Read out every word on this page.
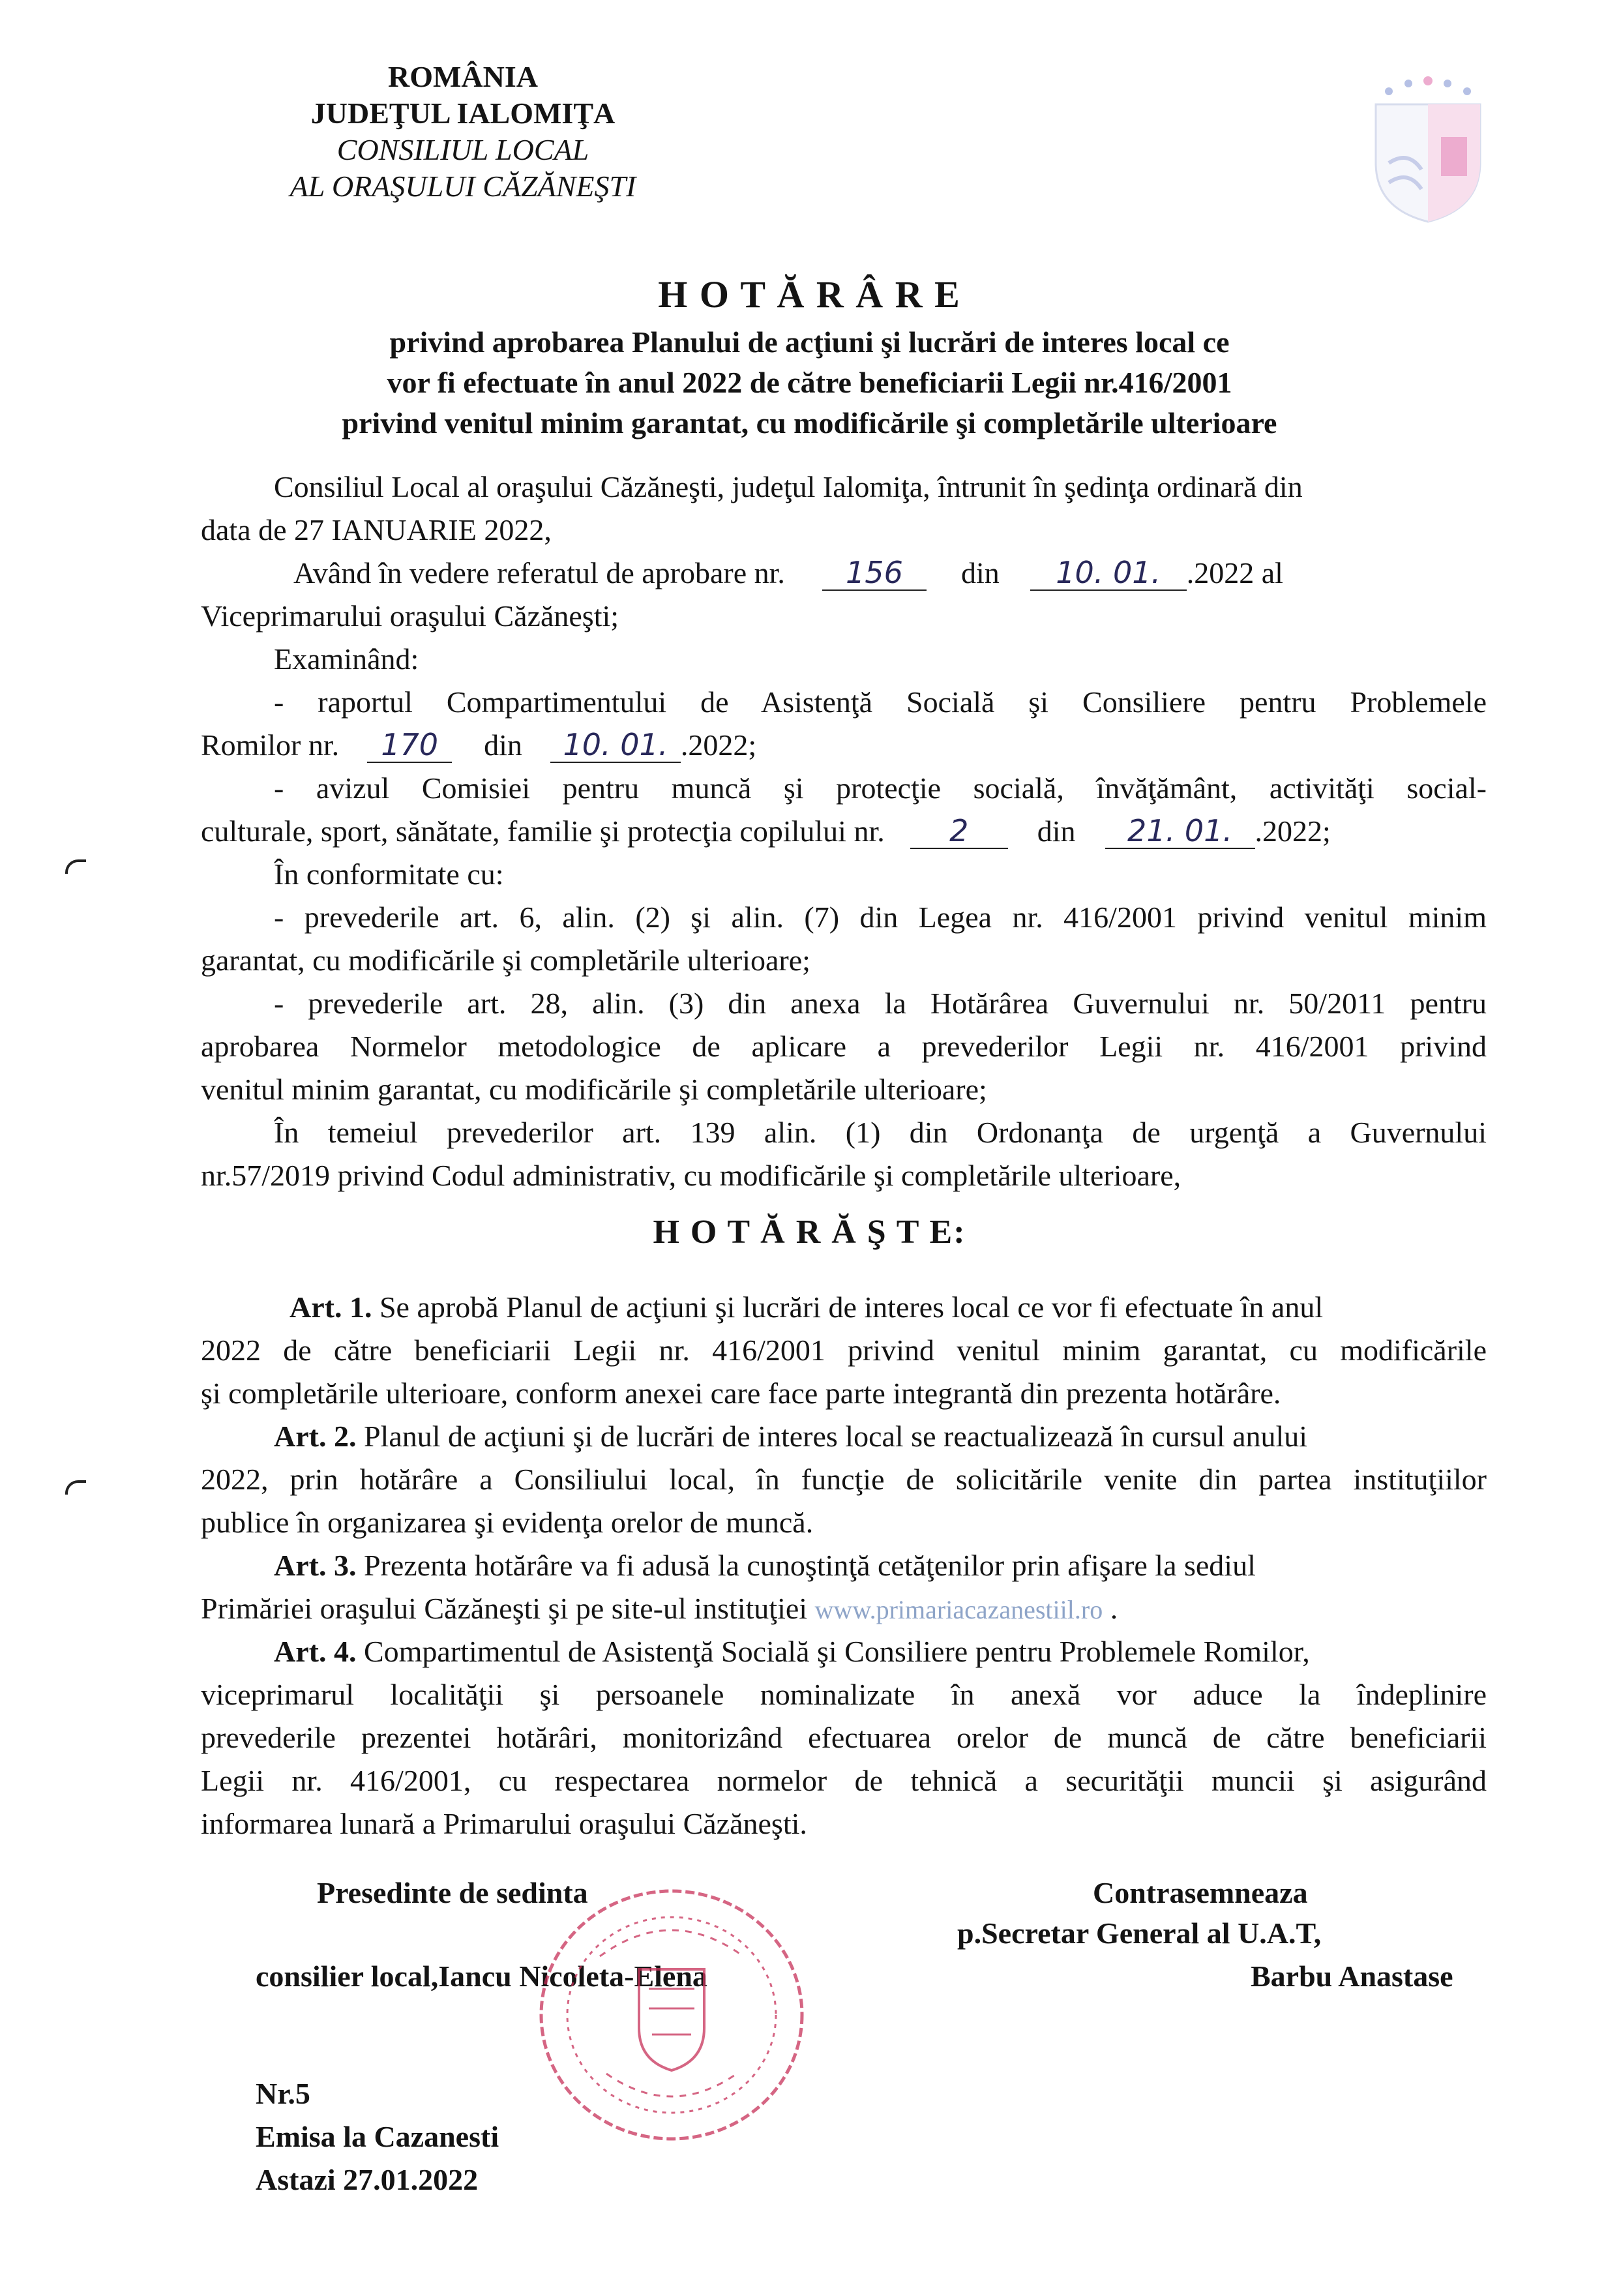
ROMÂNIA
JUDEŢUL IALOMIŢA
CONSILIUL LOCAL
AL ORAŞULUI CĂZĂNEŞTI
H O T Ă R Â R E
privind aprobarea Planului de acţiuni şi lucrări de interes local ce
vor fi efectuate în anul 2022 de către beneficiarii Legii nr.416/2001
privind venitul minim garantat, cu modificările şi completările ulterioare
Consiliul Local al oraşului Căzăneşti, judeţul Ialomiţa, întrunit în şedinţa ordinară din
data de 27 IANUARIE 2022,
Având în vedere referatul de aprobare nr. 156 din 10. 01. .2022 al
Viceprimarului oraşului Căzăneşti;
Examinând:
- raportul Compartimentului de Asistenţă Socială şi Consiliere pentru Problemele
Romilor nr. 170 din 10. 01. .2022;
- avizul Comisiei pentru muncă şi protecţie socială, învăţământ, activităţi social-
culturale, sport, sănătate, familie şi protecţia copilului nr. 2 din 21. 01. .2022;
În conformitate cu:
- prevederile art. 6, alin. (2) şi alin. (7) din Legea nr. 416/2001 privind venitul minim
garantat, cu modificările şi completările ulterioare;
- prevederile art. 28, alin. (3) din anexa la Hotărârea Guvernului nr. 50/2011 pentru
aprobarea Normelor metodologice de aplicare a prevederilor Legii nr. 416/2001 privind
venitul minim garantat, cu modificările şi completările ulterioare;
În temeiul prevederilor art. 139 alin. (1) din Ordonanţa de urgenţă a Guvernului
nr.57/2019 privind Codul administrativ, cu modificările şi completările ulterioare,
H O T Ă R Ă Ş T E:
Art. 1. Se aprobă Planul de acţiuni şi lucrări de interes local ce vor fi efectuate în anul
2022 de către beneficiarii Legii nr. 416/2001 privind venitul minim garantat, cu modificările
şi completările ulterioare, conform anexei care face parte integrantă din prezenta hotărâre.
Art. 2. Planul de acţiuni şi de lucrări de interes local se reactualizează în cursul anului
2022, prin hotărâre a Consiliului local, în funcţie de solicitările venite din partea instituţiilor
publice în organizarea şi evidenţa orelor de muncă.
Art. 3. Prezenta hotărâre va fi adusă la cunoştinţă cetăţenilor prin afişare la sediul
Primăriei oraşului Căzăneşti şi pe site-ul instituţiei www.primariacazanestiil.ro .
Art. 4. Compartimentul de Asistenţă Socială şi Consiliere pentru Problemele Romilor,
viceprimarul localităţii şi persoanele nominalizate în anexă vor aduce la îndeplinire
prevederile prezentei hotărâri, monitorizând efectuarea orelor de muncă de către beneficiarii
Legii nr. 416/2001, cu respectarea normelor de tehnică a securităţii muncii şi asigurând
informarea lunară a Primarului oraşului Căzăneşti.
Presedinte de sedinta
consilier local,Iancu Nicoleta-Elena
Contrasemneaza
p.Secretar General al U.A.T,
Barbu Anastase
Nr.5
Emisa la Cazanesti
Astazi 27.01.2022
